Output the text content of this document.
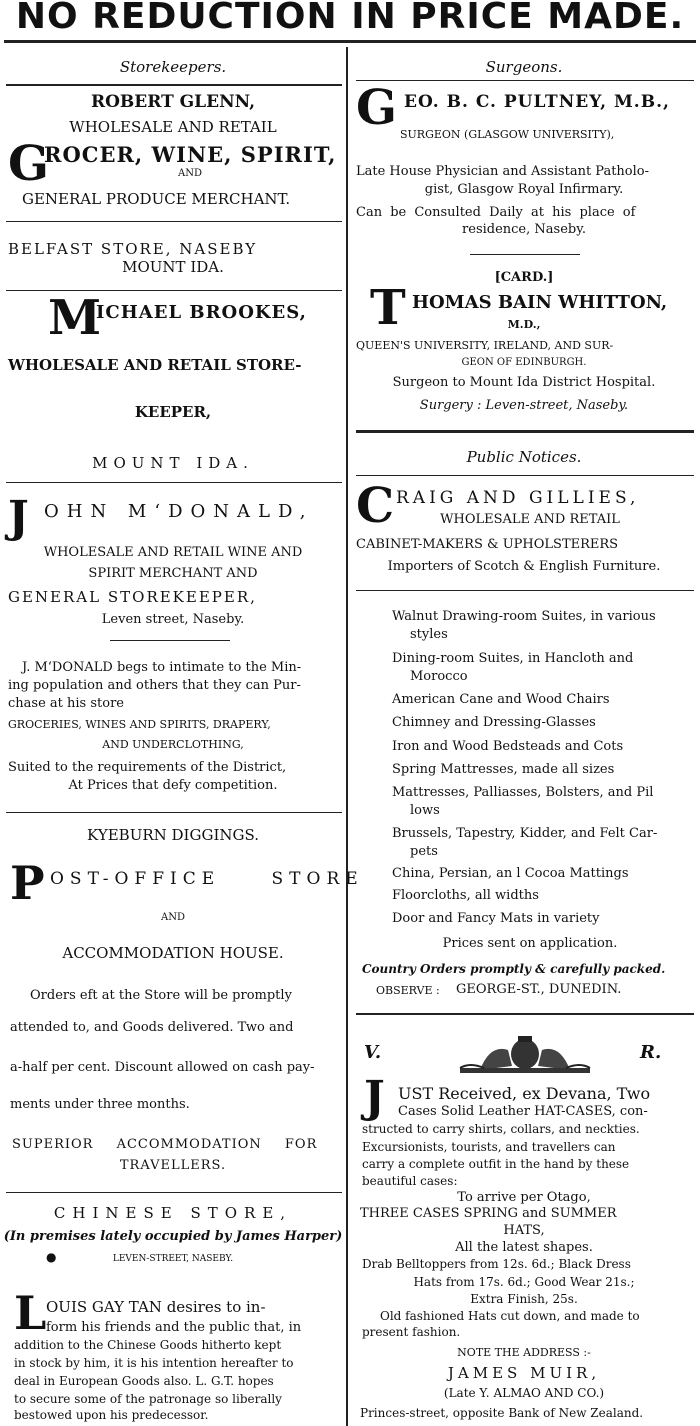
NO REDUCTION IN PRICE MADE.
Storekeepers.
ROBERT GLENN,
WHOLESALE AND RETAIL
G
ROCER, WINE, SPIRIT,
AND
GENERAL PRODUCE MERCHANT.
BELFAST STORE, NASEBY
MOUNT IDA.
M
ICHAEL BROOKES,
WHOLESALE AND RETAIL STORE-
KEEPER,
MOUNT IDA.
J OHN M‘DONALD,
WHOLESALE AND RETAIL WINE AND
SPIRIT MERCHANT AND
GENERAL STOREKEEPER,
Leven street, Naseby.
J. M‘DONALD begs to intimate to the Min-
ing population and others that they can Pur-
chase at his store
GROCERIES, WINES AND SPIRITS, DRAPERY,
AND UNDERCLOTHING,
Suited to the requirements of the District,
At Prices that defy competition.
KYEBURN DIGGINGS.
P OST-OFFICE STORE
AND
ACCOMMODATION HOUSE.
Orders eft at the Store will be promptly
attended to, and Goods delivered. Two and
a-half per cent. Discount allowed on cash pay-
ments under three months.
SUPERIOR ACCOMMODATION FOR
TRAVELLERS.
CHINESE STORE,
(In premises lately occupied by James Harper)
●	LEVEN-STREET, NASEBY.
L OUIS GAY TAN desires to in-
form his friends and the public that, in
addition to the Chinese Goods hitherto kept
in stock by him, it is his intention hereafter to
deal in European Goods also. L. G.T. hopes
to secure some of the patronage so liberally
bestowed upon his predecessor.
Surgeons.
G EO. B. C. PULTNEY, M.B.,
SURGEON (GLASGOW UNIVERSITY),
Late House Physician and Assistant Patholo-
gist, Glasgow Royal Infirmary.
Can be Consulted Daily at his place of
residence, Naseby.
[CARD.]
T HOMAS BAIN WHITTON,
M.D.,
QUEEN'S UNIVERSITY, IRELAND, AND SUR-
GEON OF EDINBURGH.
Surgeon to Mount Ida District Hospital.
Surgery : Leven-street, Naseby.
Public Notices.
C RAIG AND GILLIES,
WHOLESALE AND RETAIL
CABINET-MAKERS & UPHOLSTERERS
Importers of Scotch & English Furniture.
Walnut Drawing-room Suites, in various
styles
Dining-room Suites, in Hancloth and
Morocco
American Cane and Wood Chairs
Chimney and Dressing-Glasses
Iron and Wood Bedsteads and Cots
Spring Mattresses, made all sizes
Mattresses, Palliasses, Bolsters, and Pil
lows
Brussels, Tapestry, Kidder, and Felt Car-
pets
China, Persian, an l Cocoa Mattings
Floorcloths, all widths
Door and Fancy Mats in variety
Prices sent on application.
Country Orders promptly & carefully packed.
OBSERVE : GEORGE-ST., DUNEDIN.
V.	R.
J UST Received, ex Devana, Two
Cases Solid Leather HAT-CASES, con-
structed to carry shirts, collars, and neckties.
Excursionists, tourists, and travellers can
carry a complete outfit in the hand by these
beautiful cases:
To arrive per Otago,
THREE CASES SPRING and SUMMER
HATS,
All the latest shapes.
Drab Belltoppers from 12s. 6d.; Black Dress
Hats from 17s. 6d.; Good Wear 21s.;
Extra Finish, 25s.
Old fashioned Hats cut down, and made to
present fashion.
NOTE THE ADDRESS :-
JAMES MUIR,
(Late Y. ALMAO AND CO.)
Princes-street, opposite Bank of New Zealand.
